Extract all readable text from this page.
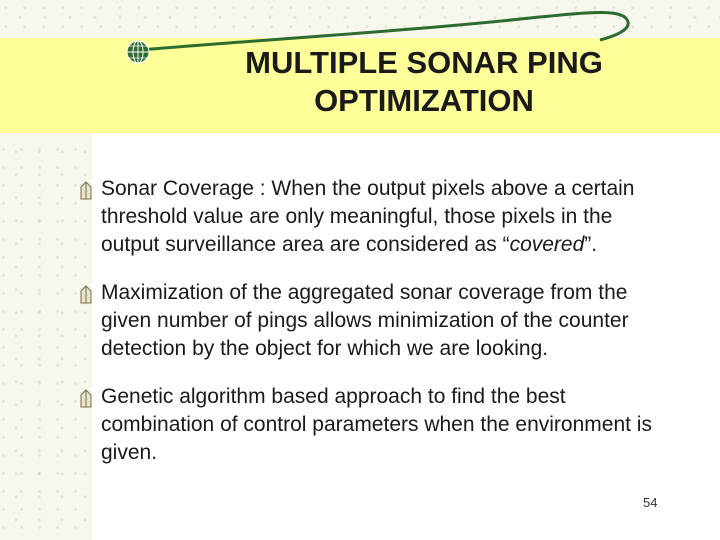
MULTIPLE SONAR PING
OPTIMIZATION
Sonar Coverage : When the output pixels above a certain threshold value are only meaningful, those pixels in the output surveillance area are considered as “covered”.
Maximization of the aggregated sonar coverage from the given number of pings allows minimization of the counter detection by the object for which we are looking.
Genetic algorithm based approach to find the best combination of control parameters when the environment is given.
54
